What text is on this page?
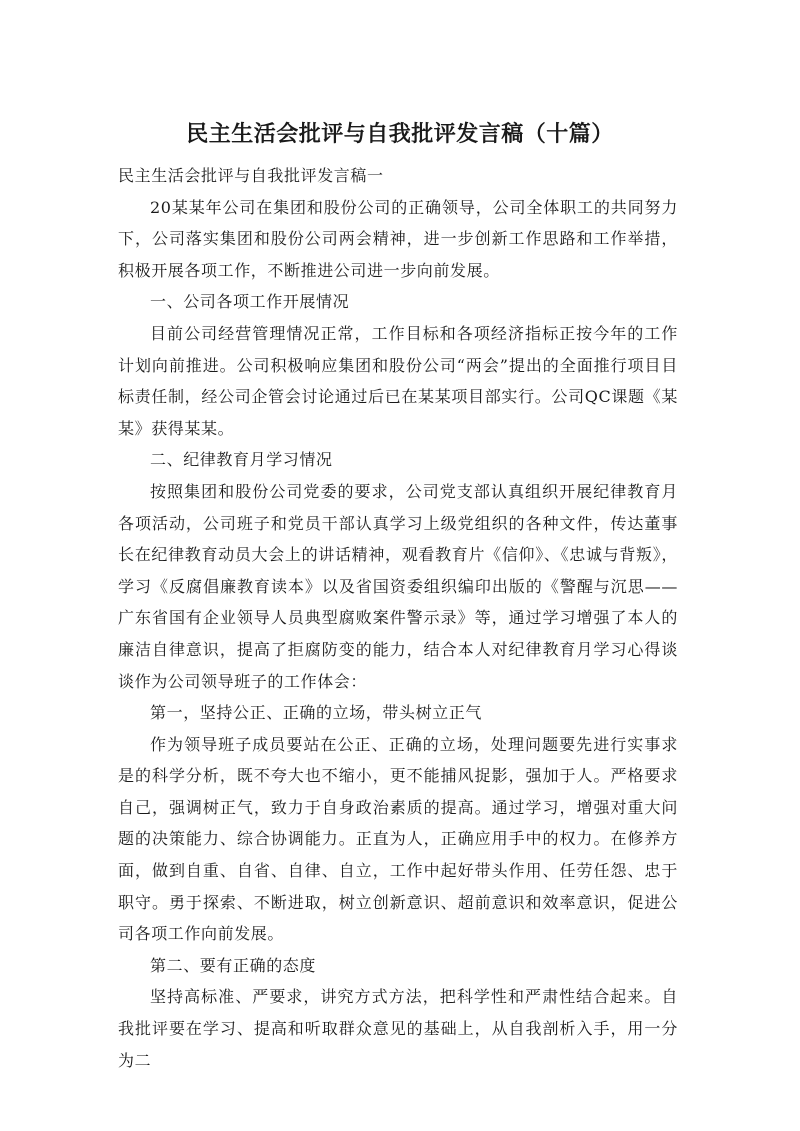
民主生活会批评与自我批评发言稿（十篇）

民主生活会批评与自我批评发言稿一

20某某年公司在集团和股份公司的正确领导，公司全体职工的共同努力下，公司落实集团和股份公司两会精神，进一步创新工作思路和工作举措，积极开展各项工作，不断推进公司进一步向前发展。

一、公司各项工作开展情况

目前公司经营管理情况正常，工作目标和各项经济指标正按今年的工作计划向前推进。公司积极响应集团和股份公司“两会”提出的全面推行项目目标责任制，经公司企管会讨论通过后已在某某项目部实行。公司QC课题《某某》获得某某。

二、纪律教育月学习情况

按照集团和股份公司党委的要求，公司党支部认真组织开展纪律教育月各项活动，公司班子和党员干部认真学习上级党组织的各种文件，传达董事长在纪律教育动员大会上的讲话精神，观看教育片《信仰》、《忠诚与背叛》，学习《反腐倡廉教育读本》以及省国资委组织编印出版的《警醒与沉思——广东省国有企业领导人员典型腐败案件警示录》等，通过学习增强了本人的廉洁自律意识，提高了拒腐防变的能力，结合本人对纪律教育月学习心得谈谈作为公司领导班子的工作体会：

第一，坚持公正、正确的立场，带头树立正气

作为领导班子成员要站在公正、正确的立场，处理问题要先进行实事求是的科学分析，既不夸大也不缩小，更不能捕风捉影，强加于人。严格要求自己，强调树正气，致力于自身政治素质的提高。通过学习，增强对重大问题的决策能力、综合协调能力。正直为人，正确应用手中的权力。在修养方面，做到自重、自省、自律、自立，工作中起好带头作用、任劳任怨、忠于职守。勇于探索、不断进取，树立创新意识、超前意识和效率意识，促进公司各项工作向前发展。

第二、要有正确的态度

坚持高标准、严要求，讲究方式方法，把科学性和严肃性结合起来。自我批评要在学习、提高和听取群众意见的基础上，从自我剖析入手，用一分为二
